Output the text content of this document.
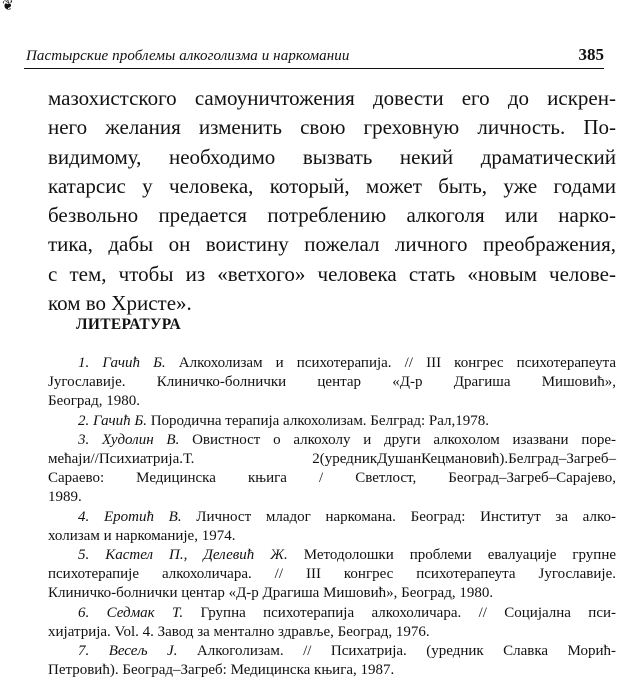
❦
Пастырские проблемы алкоголизма и наркомании	385
мазохистского самоуничтожения довести его до искрен-
него желания изменить свою греховную личность. По-
видимому, необходимо вызвать некий драматический
катарсис у человека, который, может быть, уже годами
безвольно предается потреблению алкоголя или нарко-
тика, дабы он воистину пожелал личного преображения,
с тем, чтобы из «ветхого» человека стать «новым челове-
ком во Христе».
ЛИТЕРАТУРА
1. Гачић Б. Алкохолизам и психотерапија. // III конгрес психотерапеута
Југославије. Клиничко-болнички центар «Д-р Драгиша Мишовић»,
Београд, 1980.
2. Гачић Б. Породична терапија алкохолизам. Белград: Рал,1978.
3. Худолин В. Овистност о алкохолу и други алкохолом изазвани поре-
мећаји//Психиатрија.Т. 2(уредникДушанКецмановић).Белград–Загреб–
Сараево: Медицинска књига / Светлост, Београд–Загреб–Сарајево,
1989.
4. Еротић В. Личност младог наркомана. Београд: Институт за алко-
холизам и наркоманије, 1974.
5. Кастел П., Делевић Ж. Методолошки проблеми евалуације групне
психотерапије алкохоличара. // III конгрес психотерапеута Југославије.
Клиничко-болнички центар «Д-р Драгиша Мишовић», Београд, 1980.
6. Седмак Т. Групна психотерапија алкохоличара. // Социјална пси-
хијатрија. Vol. 4. Завод за ментално здравље, Београд, 1976.
7. Весељ Ј. Алкоголизам. // Психатрија. (уредник Славка Морић-
Петровић). Београд–Загреб: Медицинска књига, 1987.
